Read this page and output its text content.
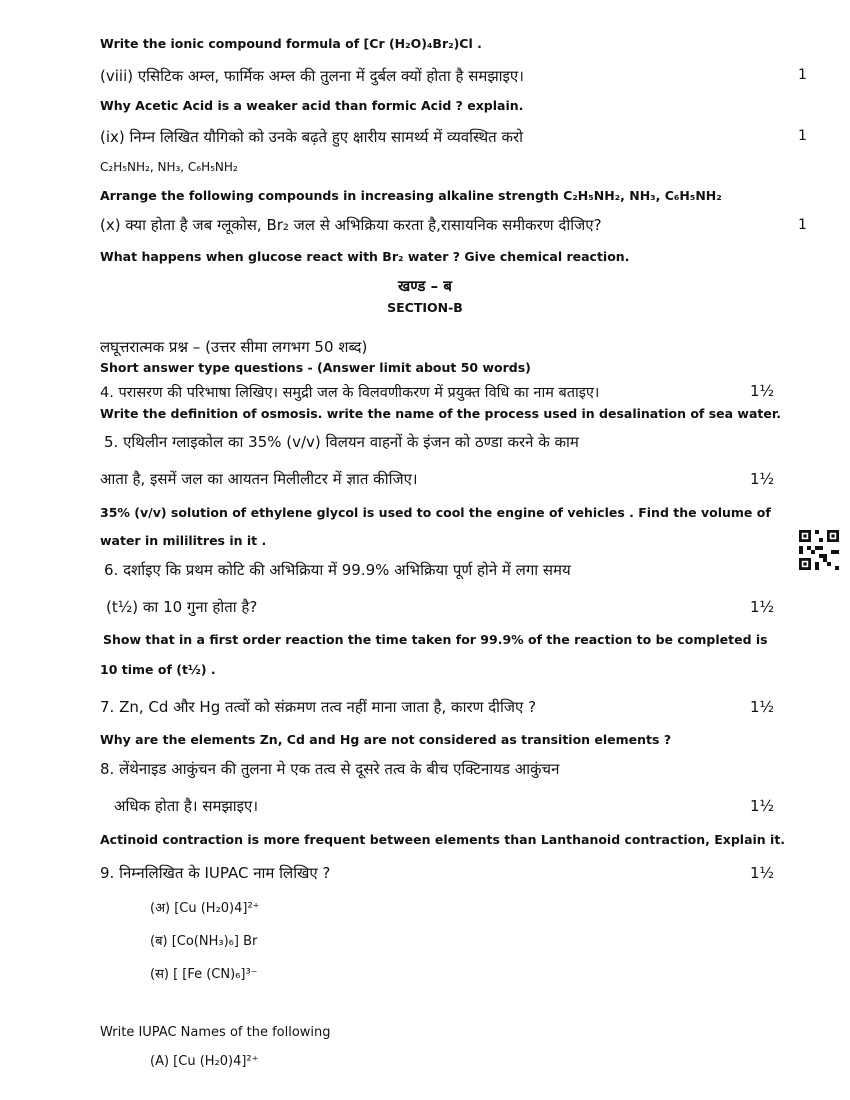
Write the ionic compound formula of [Cr (H₂O)₄Br₂)Cl .
(viii) एसिटिक अम्ल, फार्मिक अम्ल की तुलना में दुर्बल क्यों होता है समझाइए।	1
Why Acetic Acid is a weaker acid than formic Acid ? explain.
(ix) निम्न लिखित यौगिको को उनके बढ़ते हुए क्षारीय सामर्थ्य में व्यवस्थित करो	1
C₂H₅NH₂, NH₃, C₆H₅NH₂
Arrange the following compounds in increasing alkaline strength C₂H₅NH₂, NH₃, C₆H₅NH₂
(x) क्या होता है जब ग्लूकोस, Br₂ जल से अभिक्रिया करता है,रासायनिक समीकरण दीजिए?	1
What happens when glucose react with Br₂ water ? Give chemical reaction.
खण्ड – ब
SECTION-B
लघूत्तरात्मक प्रश्न – (उत्तर सीमा लगभग 50 शब्द)
Short answer type questions - (Answer limit about 50 words)
4. परासरण की परिभाषा लिखिए। समुद्री जल के विलवणीकरण में प्रयुक्त विधि का नाम बताइए।	1½
Write the definition of osmosis. write the name of the process used in desalination of sea water.
5. एथिलीन ग्लाइकोल का 35% (v/v) विलयन वाहनों के इंजन को ठण्डा करने के काम
आता है, इसमें जल का आयतन मिलीलीटर में ज्ञात कीजिए।	1½
35% (v/v) solution of ethylene glycol is used to cool the engine of vehicles . Find the volume of
water in mililitres in it .
6. दर्शाइए कि प्रथम कोटि की अभिक्रिया में 99.9% अभिक्रिया पूर्ण होने में लगा समय
(t½) का 10 गुना होता है?	1½
Show that in a first order reaction the time taken for 99.9% of the reaction to be completed is
10 time of (t½) .
7. Zn, Cd और Hg तत्वों को संक्रमण तत्व नहीं माना जाता है, कारण दीजिए ?	1½
Why are the elements Zn, Cd and Hg are not considered as transition elements ?
8. लेंथेनाइड आकुंचन की तुलना मे एक तत्व से दूसरे तत्व के बीच एक्टिनायड आकुंचन
अधिक होता है। समझाइए।	1½
Actinoid contraction is more frequent between elements than Lanthanoid contraction, Explain it.
9. निम्नलिखित के IUPAC नाम लिखिए ?	1½
(अ) [Cu (H₂0)4]²⁺
(ब) [Co(NH₃)₆] Br
(स) [ [Fe (CN)₆]³⁻
Write IUPAC Names of the following
(A) [Cu (H₂0)4]²⁺
